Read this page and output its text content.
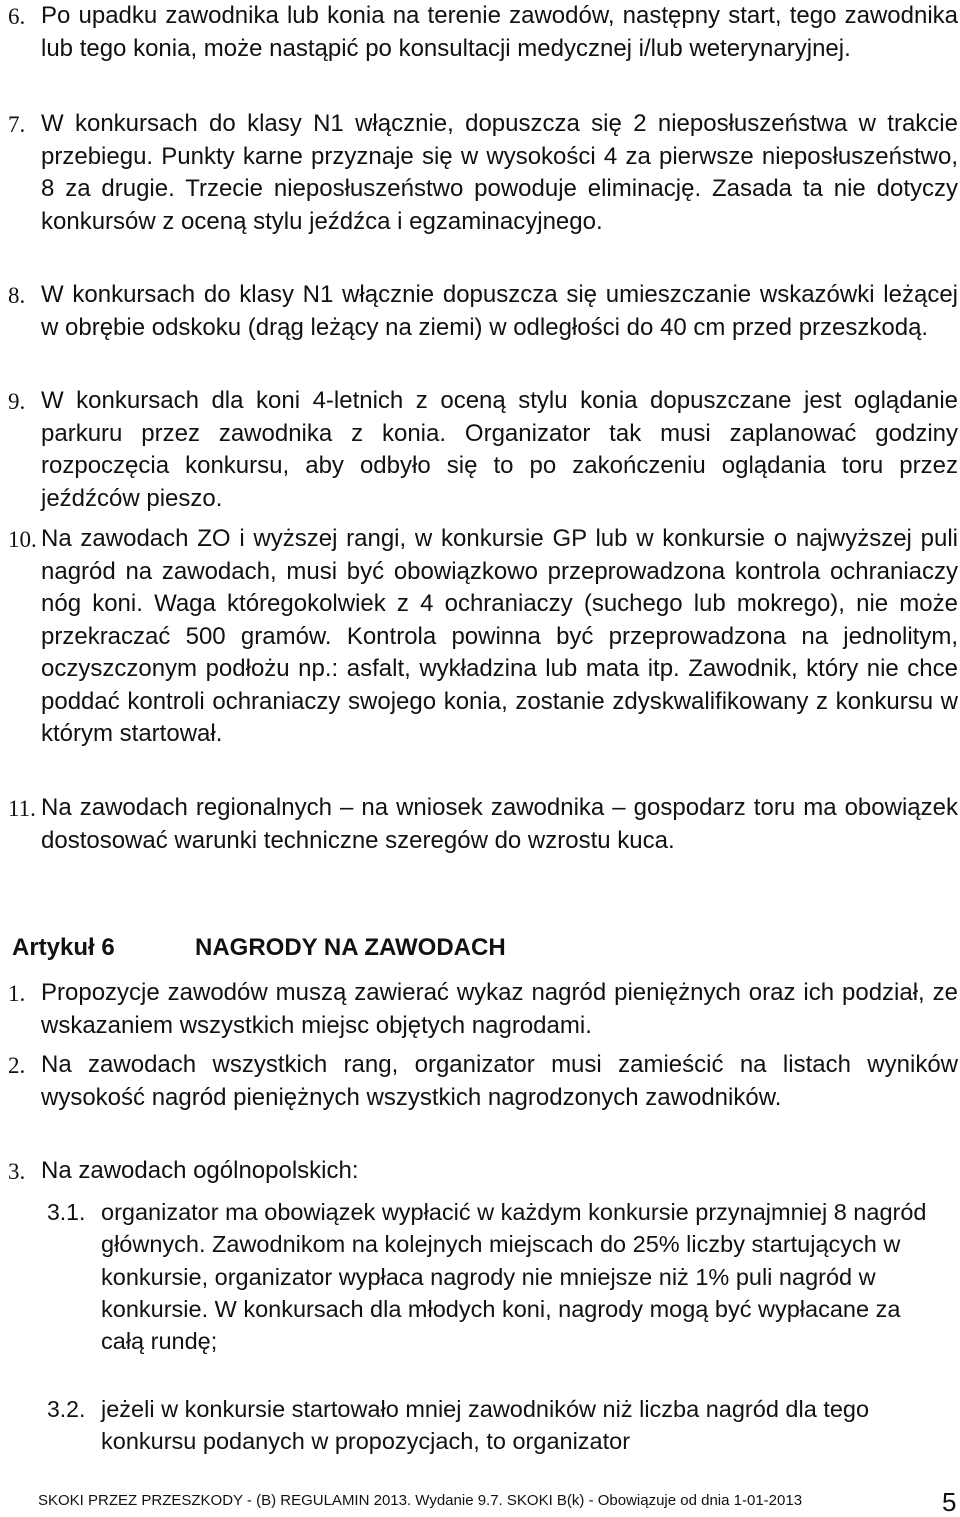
6. Po upadku zawodnika lub konia na terenie zawodów, następny start, tego zawodnika lub tego konia, może nastąpić po konsultacji medycznej i/lub weterynaryjnej.
7. W konkursach do klasy N1 włącznie, dopuszcza się 2 nieposłuszeństwa w trakcie przebiegu. Punkty karne przyznaje się w wysokości 4 za pierwsze nieposłuszeństwo, 8 za drugie. Trzecie nieposłuszeństwo powoduje eliminację. Zasada ta nie dotyczy konkursów z oceną stylu jeźdźca i egzaminacyjnego.
8. W konkursach do klasy N1 włącznie dopuszcza się umieszczanie wskazówki leżącej w obrębie odskoku (drąg leżący na ziemi) w odległości do 40 cm przed przeszkodą.
9. W konkursach dla koni 4-letnich z oceną stylu konia dopuszczane jest oglądanie parkuru przez zawodnika z konia. Organizator tak musi zaplanować godziny rozpoczęcia konkursu, aby odbyło się to po zakończeniu oglądania toru przez jeźdźców pieszo.
10. Na zawodach ZO i wyższej rangi, w konkursie GP lub w konkursie o najwyższej puli nagród na zawodach, musi być obowiązkowo przeprowadzona kontrola ochraniaczy nóg koni. Waga któregokolwiek z 4 ochraniaczy (suchego lub mokrego), nie może przekraczać 500 gramów. Kontrola powinna być przeprowadzona na jednolitym, oczyszczonym podłożu np.: asfalt, wykładzina lub mata itp. Zawodnik, który nie chce poddać kontroli ochraniaczy swojego konia, zostanie zdyskwalifikowany z konkursu w którym startował.
11. Na zawodach regionalnych – na wniosek zawodnika – gospodarz toru ma obowiązek dostosować warunki techniczne szeregów do wzrostu kuca.
Artykuł 6	NAGRODY NA ZAWODACH
1. Propozycje zawodów muszą zawierać wykaz nagród pieniężnych oraz ich podział, ze wskazaniem wszystkich miejsc objętych nagrodami.
2. Na zawodach wszystkich rang, organizator musi zamieścić na listach wyników wysokość nagród pieniężnych wszystkich nagrodzonych zawodników.
3. Na zawodach ogólnopolskich:
3.1. organizator ma obowiązek wypłacić w każdym konkursie przynajmniej 8 nagród głównych. Zawodnikom na kolejnych miejscach do 25% liczby startujących w konkursie, organizator wypłaca nagrody nie mniejsze niż 1% puli nagród w konkursie. W konkursach dla młodych koni, nagrody mogą być wypłacane za całą rundę;
3.2. jeżeli w konkursie startowało mniej zawodników niż liczba nagród dla tego konkursu podanych w propozycjach, to organizator
SKOKI PRZEZ PRZESZKODY - (B) REGULAMIN 2013. Wydanie 9.7. SKOKI B(k) - Obowiązuje od dnia 1-01-2013	5
